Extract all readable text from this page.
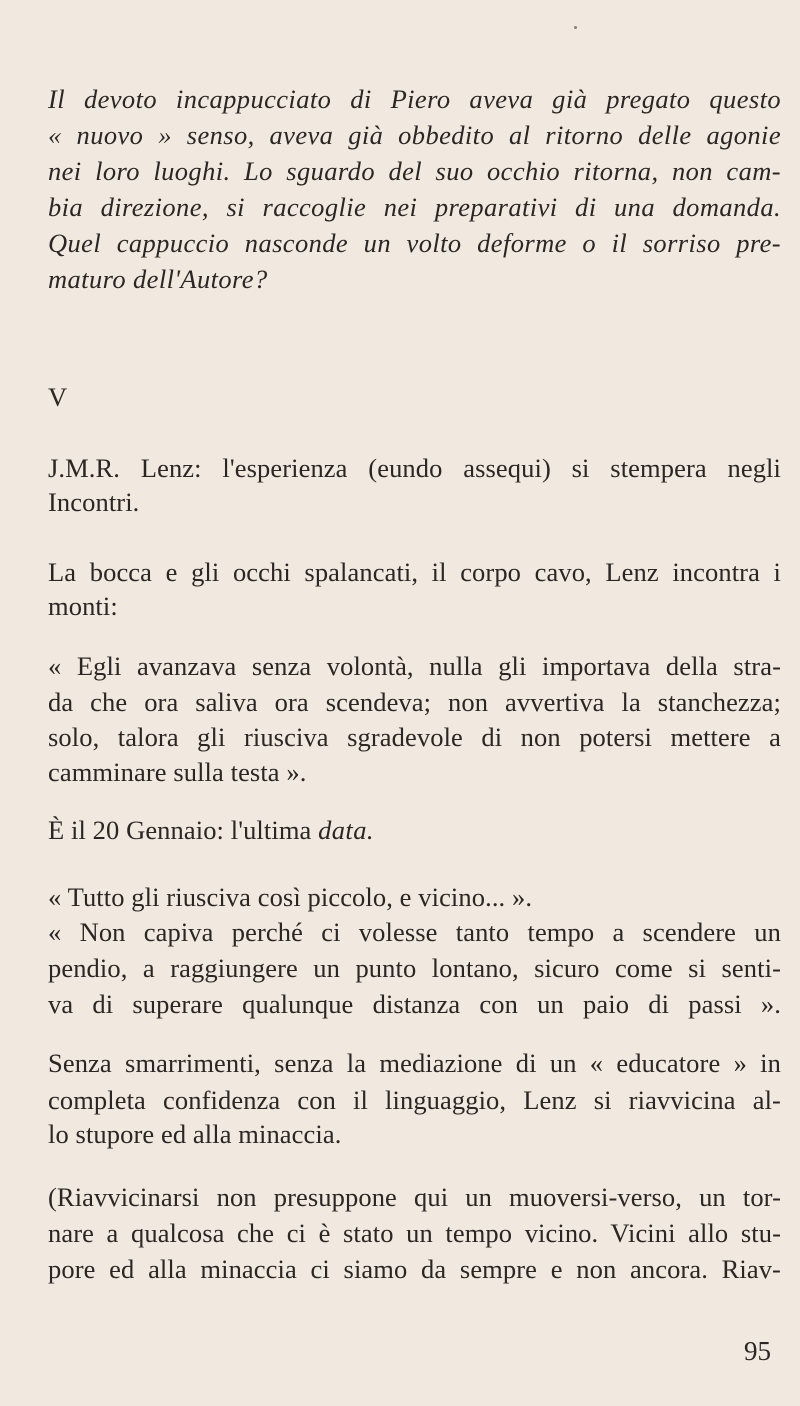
Il devoto incappucciato di Piero aveva già pregato questo
« nuovo » senso, aveva già obbedito al ritorno delle agonie
nei loro luoghi. Lo sguardo del suo occhio ritorna, non cam-
bia direzione, si raccoglie nei preparativi di una domanda.
Quel cappuccio nasconde un volto deforme o il sorriso pre-
maturo dell'Autore?
V
J.M.R. Lenz: l'esperienza (eundo assequi) si stempera negli
Incontri.
La bocca e gli occhi spalancati, il corpo cavo, Lenz incontra i
monti:
« Egli avanzava senza volontà, nulla gli importava della stra-
da che ora saliva ora scendeva; non avvertiva la stanchezza;
solo, talora gli riusciva sgradevole di non potersi mettere a
camminare sulla testa ».
È il 20 Gennaio: l'ultima data.
« Tutto gli riusciva così piccolo, e vicino... ».
« Non capiva perché ci volesse tanto tempo a scendere un
pendio, a raggiungere un punto lontano, sicuro come si senti-
va di superare qualunque distanza con un paio di passi ».
Senza smarrimenti, senza la mediazione di un « educatore » in
completa confidenza con il linguaggio, Lenz si riavvicina al-
lo stupore ed alla minaccia.
(Riavvicinarsi non presuppone qui un muoversi-verso, un tor-
nare a qualcosa che ci è stato un tempo vicino. Vicini allo stu-
pore ed alla minaccia ci siamo da sempre e non ancora. Riav-
95
